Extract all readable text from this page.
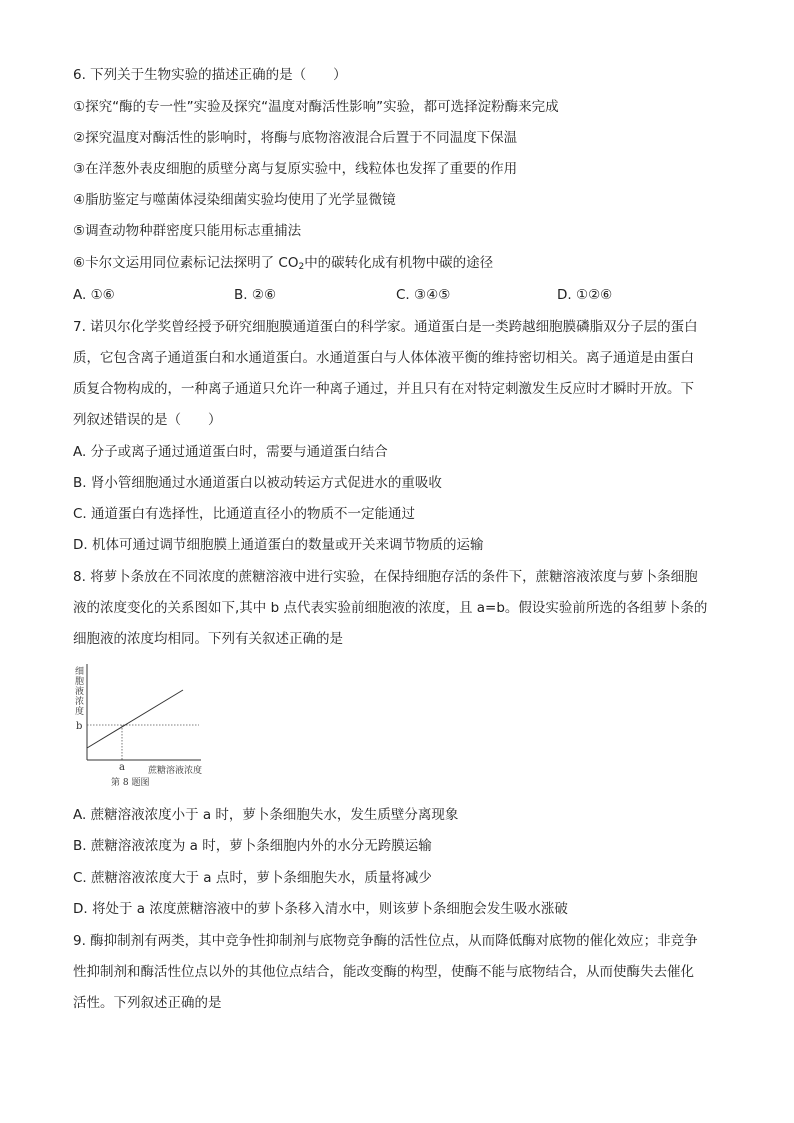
6. 下列关于生物实验的描述正确的是（　　）
①探究“酶的专一性”实验及探究“温度对酶活性影响”实验，都可选择淀粉酶来完成
②探究温度对酶活性的影响时，将酶与底物溶液混合后置于不同温度下保温
③在洋葱外表皮细胞的质壁分离与复原实验中，线粒体也发挥了重要的作用
④脂肪鉴定与噬菌体浸染细菌实验均使用了光学显微镜
⑤调查动物种群密度只能用标志重捕法
⑥卡尔文运用同位素标记法探明了 $CO_2$中的碳转化成有机物中碳的途径
A. ①⑥	B. ②⑥	C. ③④⑤	D. ①②⑥
7. 诺贝尔化学奖曾经授予研究细胞膜通道蛋白的科学家。通道蛋白是一类跨越细胞膜磷脂双分子层的蛋白
质，它包含离子通道蛋白和水通道蛋白。水通道蛋白与人体体液平衡的维持密切相关。离子通道是由蛋白
质复合物构成的，一种离子通道只允许一种离子通过，并且只有在对特定刺激发生反应时才瞬时开放。下
列叙述错误的是（　　）
A. 分子或离子通过通道蛋白时，需要与通道蛋白结合
B. 肾小管细胞通过水通道蛋白以被动转运方式促进水的重吸收
C. 通道蛋白有选择性，比通道直径小的物质不一定能通过
D. 机体可通过调节细胞膜上通道蛋白的数量或开关来调节物质的运输
8. 将萝卜条放在不同浓度的蔗糖溶液中进行实验，在保持细胞存活的条件下，蔗糖溶液浓度与萝卜条细胞
液的浓度变化的关系图如下,其中 b 点代表实验前细胞液的浓度，且 a=b。假设实验前所选的各组萝卜条的
细胞液的浓度均相同。下列有关叙述正确的是
细
胞
液
浓
度
b
a	蔗糖溶液浓度
第 8 题图
A. 蔗糖溶液浓度小于 a 时，萝卜条细胞失水，发生质壁分离现象
B. 蔗糖溶液浓度为 a 时，萝卜条细胞内外的水分无跨膜运输
C. 蔗糖溶液浓度大于 a 点时，萝卜条细胞失水，质量将减少
D. 将处于 a 浓度蔗糖溶液中的萝卜条移入清水中，则该萝卜条细胞会发生吸水涨破
9. 酶抑制剂有两类，其中竞争性抑制剂与底物竞争酶的活性位点，从而降低酶对底物的催化效应；非竞争
性抑制剂和酶活性位点以外的其他位点结合，能改变酶的构型，使酶不能与底物结合，从而使酶失去催化
活性。下列叙述正确的是
